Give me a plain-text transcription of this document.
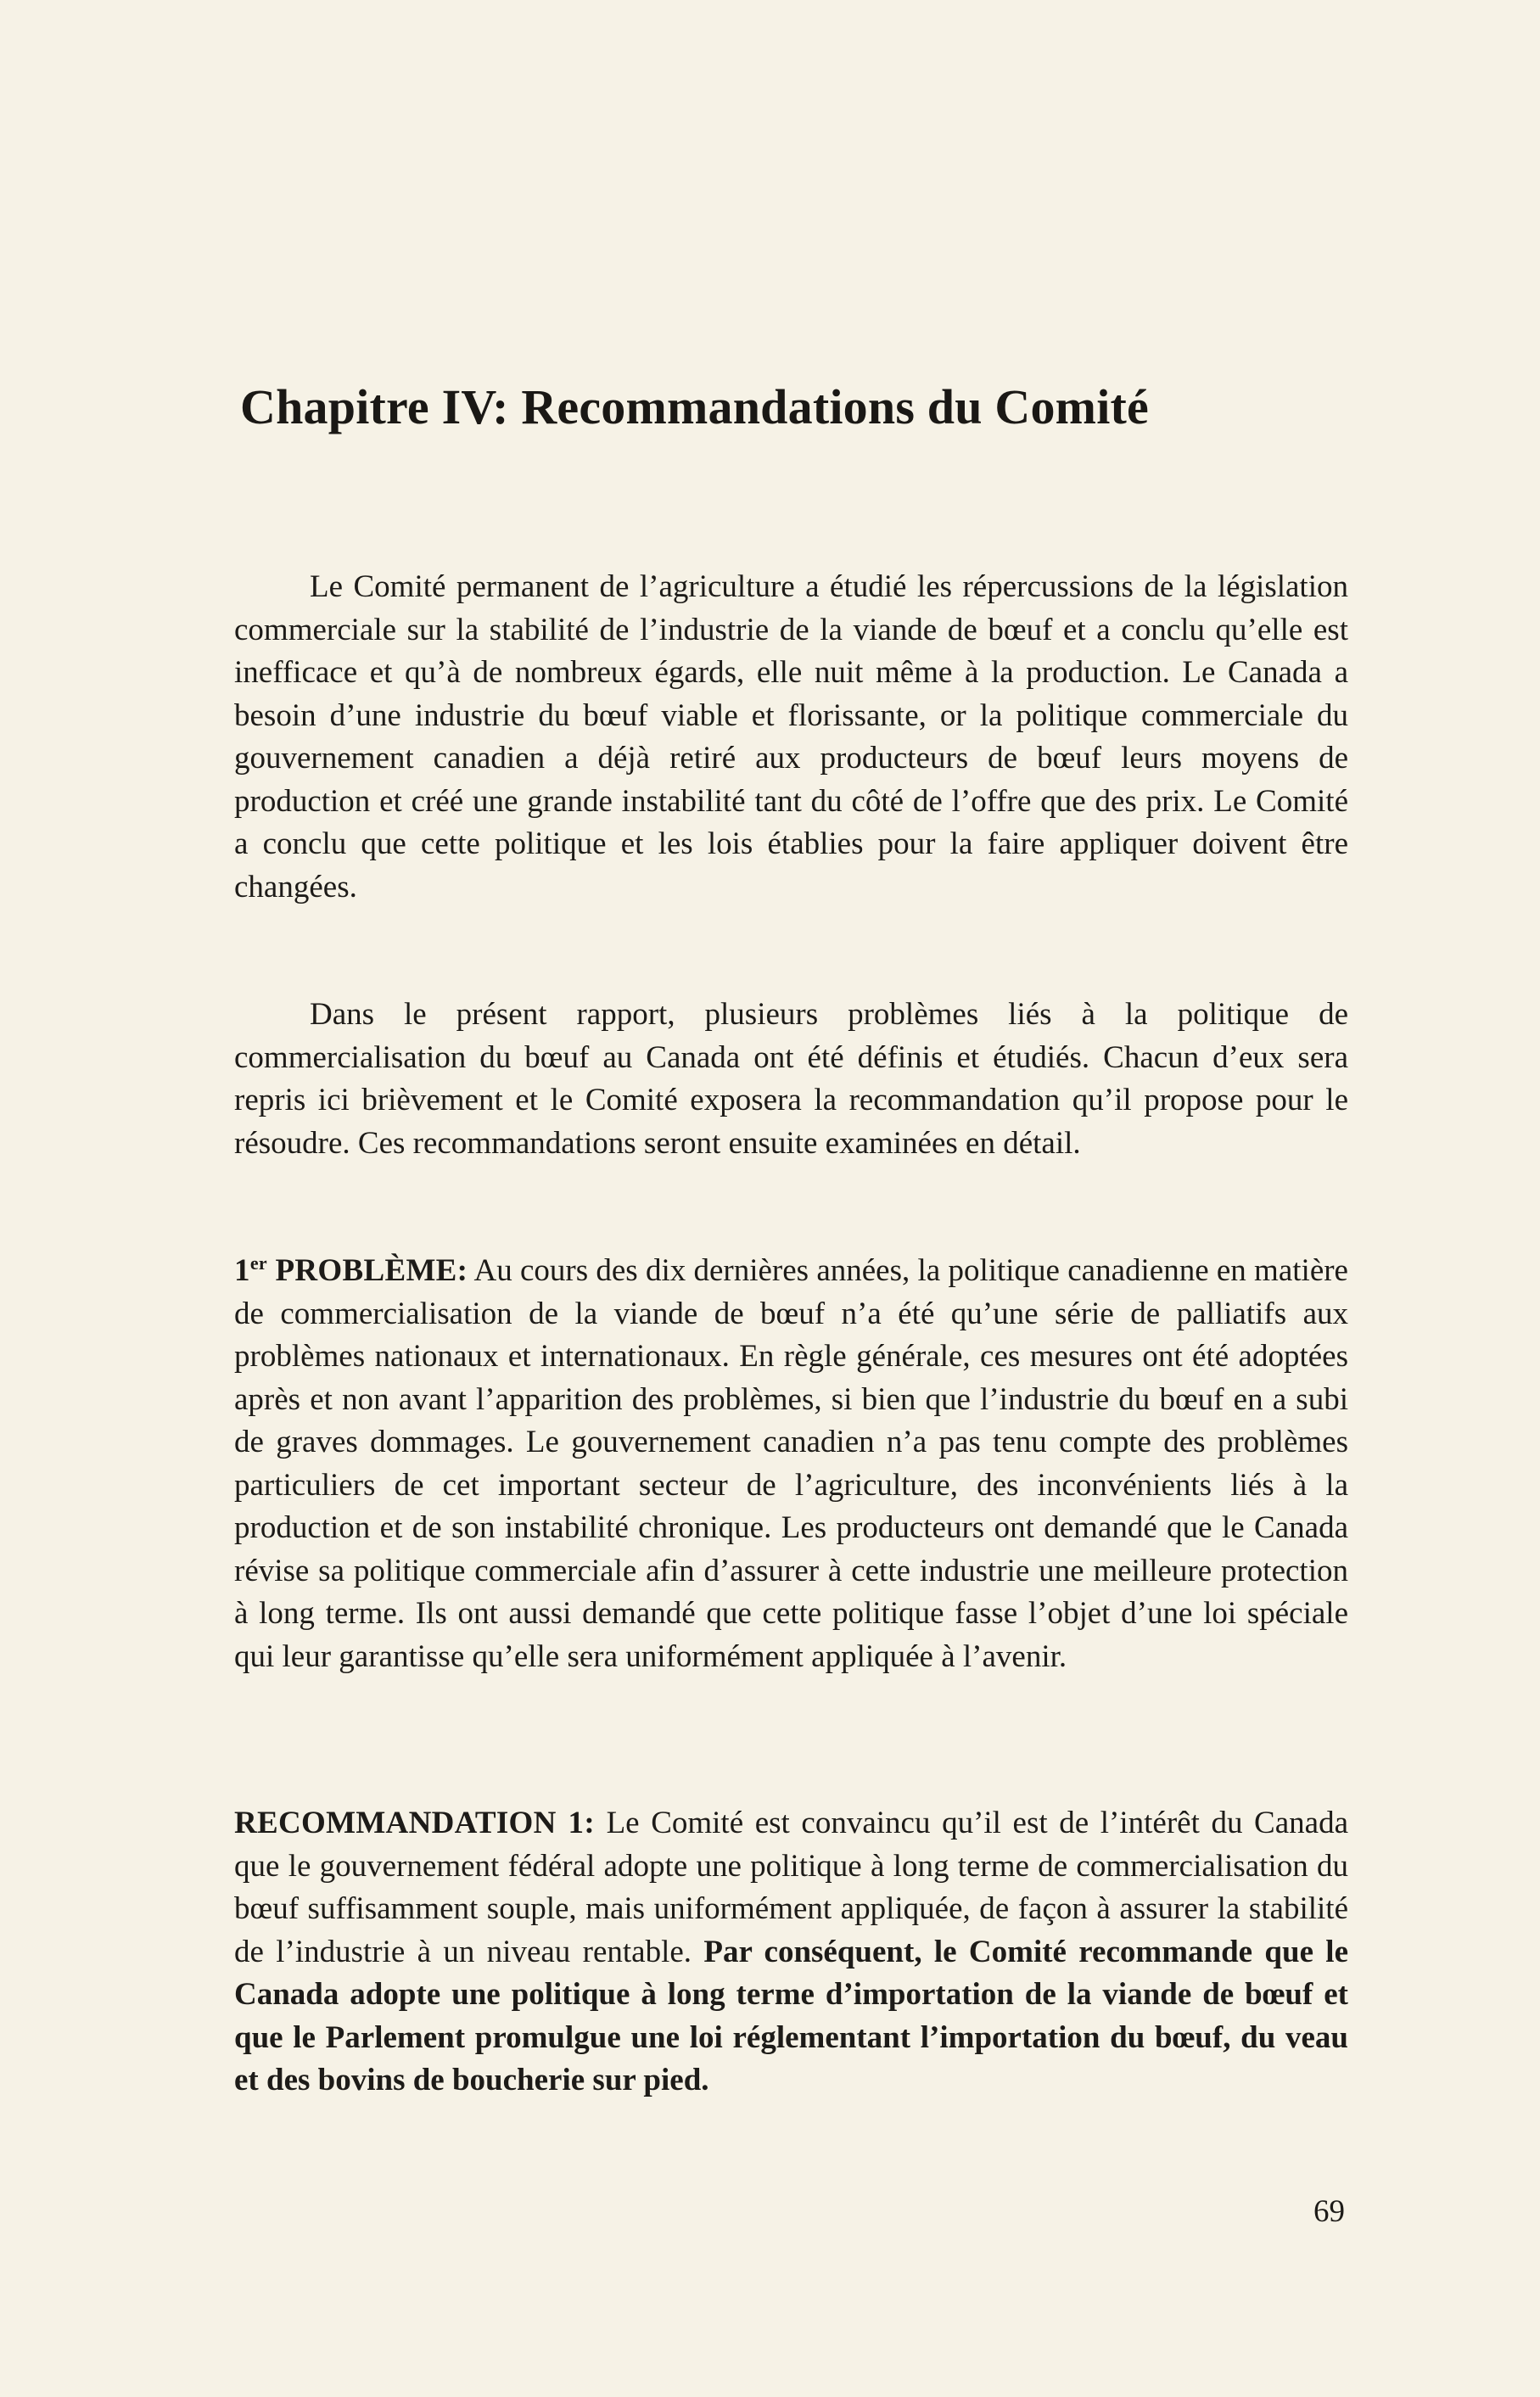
Chapitre IV: Recommandations du Comité

Le Comité permanent de l’agriculture a étudié les répercussions de la législation commerciale sur la stabilité de l’industrie de la viande de bœuf et a conclu qu’elle est inefficace et qu’à de nombreux égards, elle nuit même à la production. Le Canada a besoin d’une industrie du bœuf viable et florissante, or la politique commerciale du gouvernement canadien a déjà retiré aux producteurs de bœuf leurs moyens de production et créé une grande instabilité tant du côté de l’offre que des prix. Le Comité a conclu que cette politique et les lois établies pour la faire appliquer doivent être changées.

Dans le présent rapport, plusieurs problèmes liés à la politique de commercialisation du bœuf au Canada ont été définis et étudiés. Chacun d’eux sera repris ici brièvement et le Comité exposera la recommandation qu’il propose pour le résoudre. Ces recommandations seront ensuite examinées en détail.

1er PROBLÈME: Au cours des dix dernières années, la politique canadienne en matière de commercialisation de la viande de bœuf n’a été qu’une série de palliatifs aux problèmes nationaux et internationaux. En règle générale, ces mesures ont été adoptées après et non avant l’apparition des problèmes, si bien que l’industrie du bœuf en a subi de graves dommages. Le gouvernement canadien n’a pas tenu compte des problèmes particuliers de cet important secteur de l’agriculture, des inconvénients liés à la production et de son instabilité chronique. Les producteurs ont demandé que le Canada révise sa politique commerciale afin d’assurer à cette industrie une meilleure protection à long terme. Ils ont aussi demandé que cette politique fasse l’objet d’une loi spéciale qui leur garantisse qu’elle sera uniformément appliquée à l’avenir.

RECOMMANDATION 1: Le Comité est convaincu qu’il est de l’intérêt du Canada que le gouvernement fédéral adopte une politique à long terme de commercialisation du bœuf suffisamment souple, mais uniformément appliquée, de façon à assurer la stabilité de l’industrie à un niveau rentable. Par conséquent, le Comité recommande que le Canada adopte une politique à long terme d’importation de la viande de bœuf et que le Parlement promulgue une loi réglementant l’importation du bœuf, du veau et des bovins de boucherie sur pied.

69
